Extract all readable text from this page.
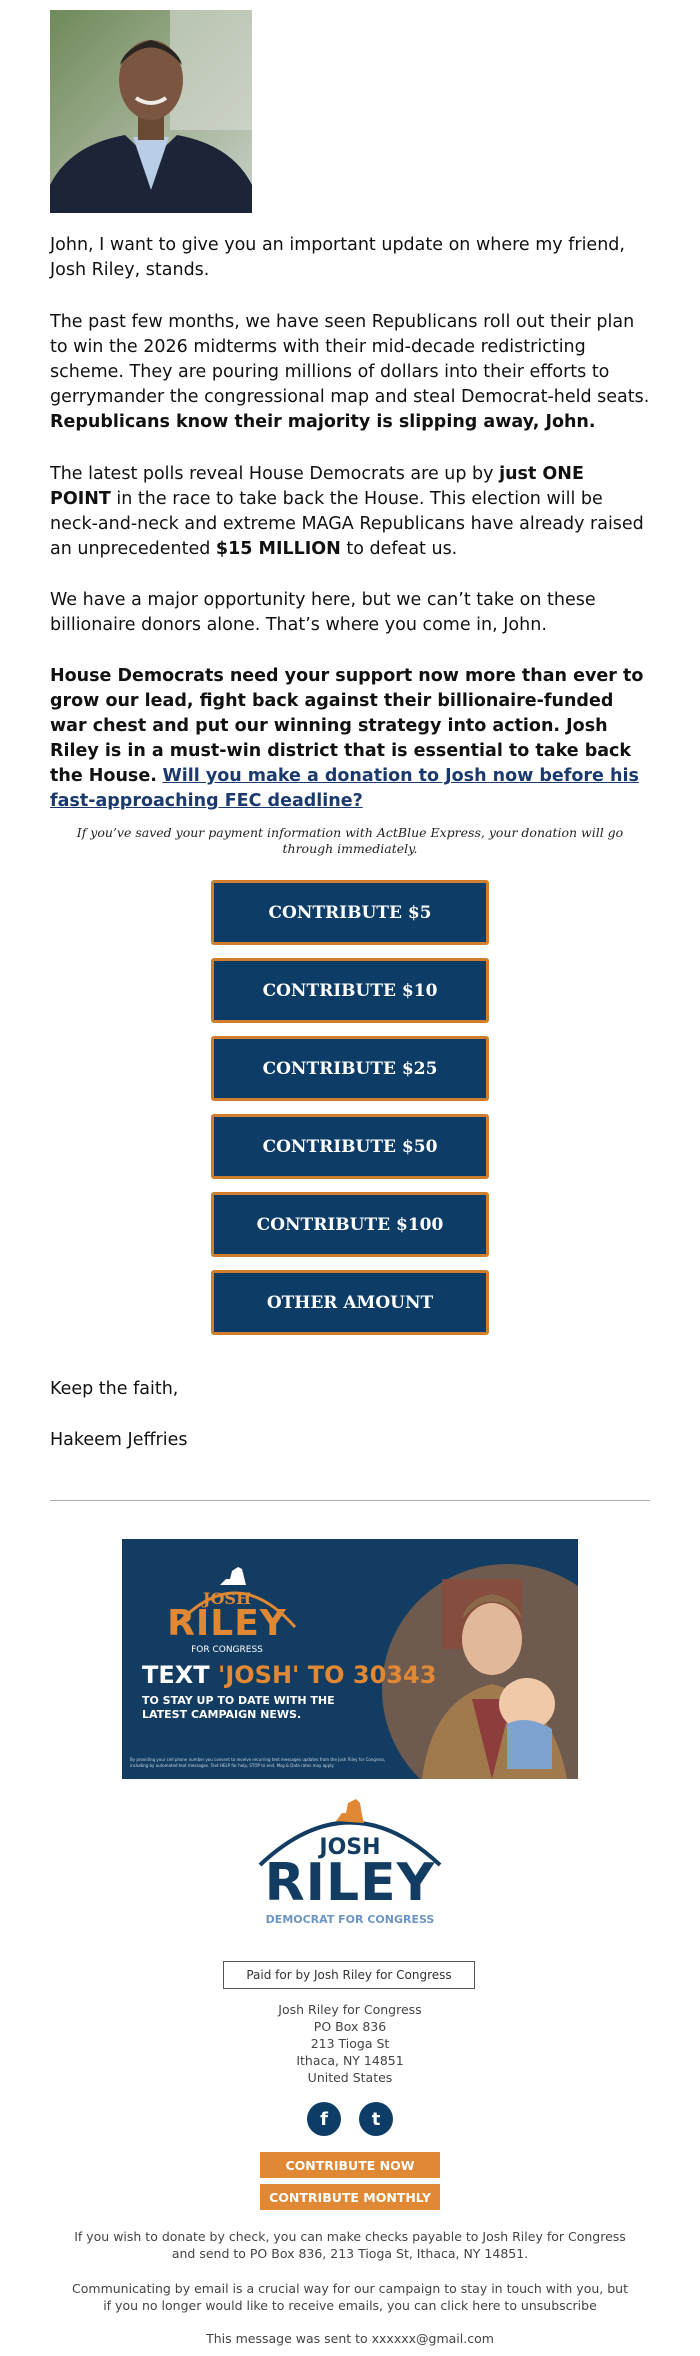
John, I want to give you an important update on where my friend, Josh Riley, stands.

The past few months, we have seen Republicans roll out their plan to win the 2026 midterms with their mid-decade redistricting scheme. They are pouring millions of dollars into their efforts to gerrymander the congressional map and steal Democrat-held seats. Republicans know their majority is slipping away, John.

The latest polls reveal House Democrats are up by just ONE POINT in the race to take back the House. This election will be neck-and-neck and extreme MAGA Republicans have already raised an unprecedented $15 MILLION to defeat us.

We have a major opportunity here, but we can’t take on these billionaire donors alone. That’s where you come in, John.

House Democrats need your support now more than ever to grow our lead, fight back against their billionaire-funded war chest and put our winning strategy into action. Josh Riley is in a must-win district that is essential to take back the House. Will you make a donation to Josh now before his fast-approaching FEC deadline?

If you’ve saved your payment information with ActBlue Express, your donation will go through immediately.
CONTRIBUTE $5
CONTRIBUTE $10
CONTRIBUTE $25
CONTRIBUTE $50
CONTRIBUTE $100
OTHER AMOUNT
Keep the faith,
Hakeem Jeffries
JOSH
RILEY
FOR CONGRESS
TEXT 'JOSH' TO 30343
TO STAY UP TO DATE WITH THE
LATEST CAMPAIGN NEWS.
By providing your cell phone number you consent to receive recurring text messages updates from the Josh Riley for Congress, including by automated text messages. Text HELP for help, STOP to end. Msg & Data rates may apply.
JOSH
RILEY
DEMOCRAT FOR CONGRESS
Paid for by Josh Riley for Congress
Josh Riley for Congress
PO Box 836
213 Tioga St
Ithaca, NY 14851
United States
f	t
CONTRIBUTE NOW
CONTRIBUTE MONTHLY
If you wish to donate by check, you can make checks payable to Josh Riley for Congress and send to PO Box 836, 213 Tioga St, Ithaca, NY 14851.
Communicating by email is a crucial way for our campaign to stay in touch with you, but if you no longer would like to receive emails, you can click here to unsubscribe
This message was sent to xxxxxx@gmail.com
